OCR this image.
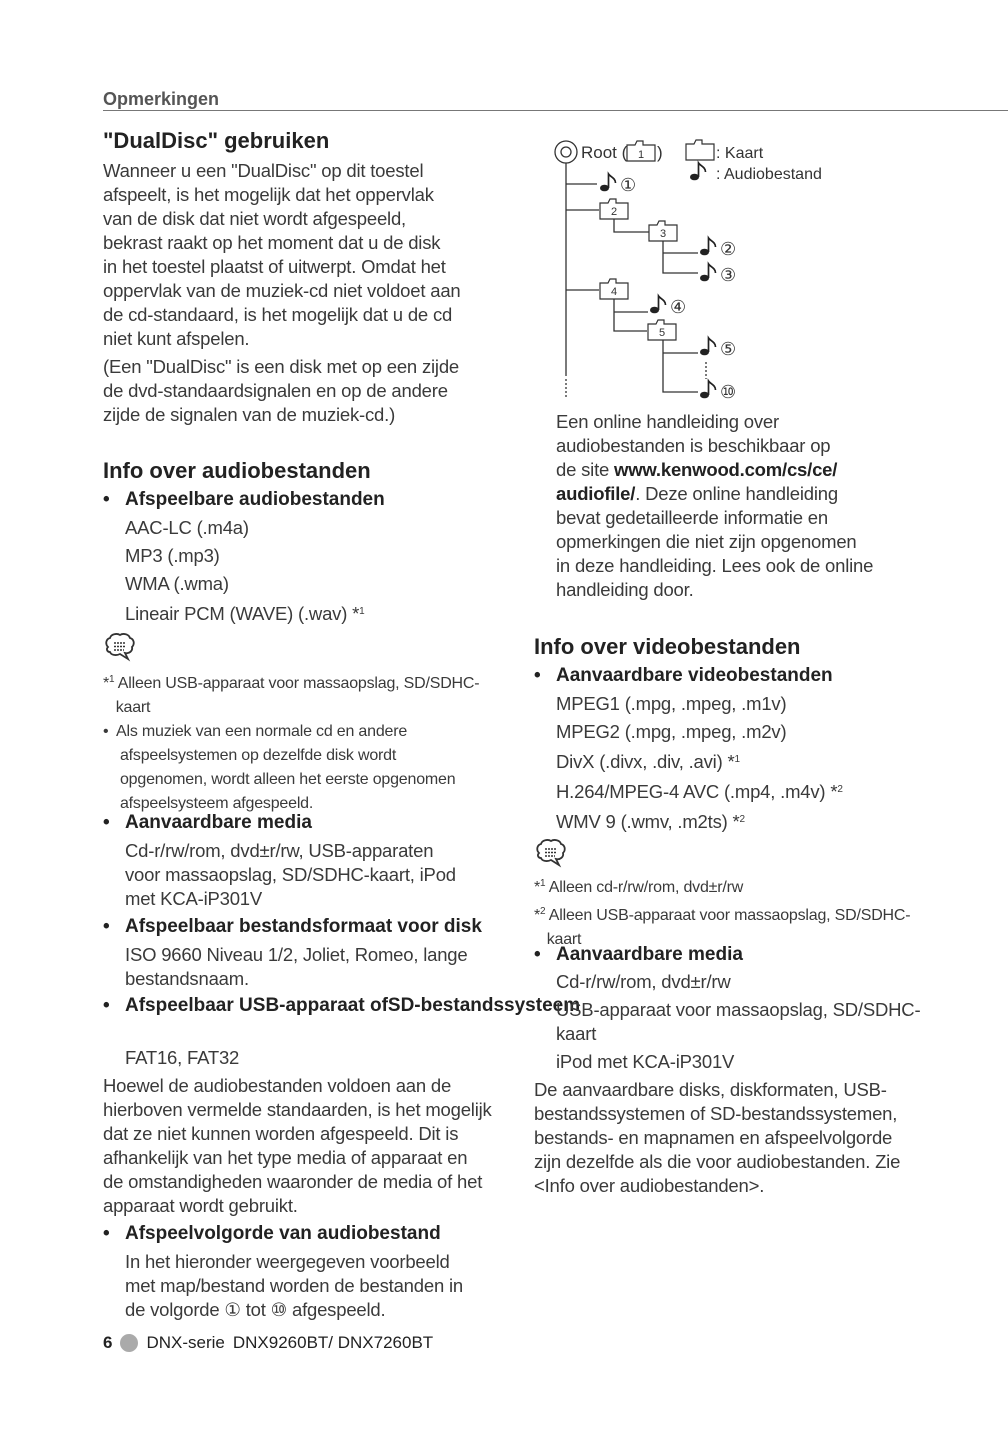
Opmerkingen
"DualDisc" gebruiken
Wanneer u een "DualDisc" op dit toestel
afspeelt, is het mogelijk dat het oppervlak
van de disk dat niet wordt afgespeeld,
bekrast raakt op het moment dat u de disk
in het toestel plaatst of uitwerpt. Omdat het
oppervlak van de muziek-cd niet voldoet aan
de cd-standaard, is het mogelijk dat u de cd
niet kunt afspelen.
(Een "DualDisc" is een disk met op een zijde
de dvd-standaardsignalen en op de andere
zijde de signalen van de muziek-cd.)
Info over audiobestanden
• Afspeelbare audiobestanden
AAC-LC (.m4a)
MP3 (.mp3)
WMA (.wma)
Lineair PCM (WAVE) (.wav) *$^1$
*$^1$ Alleen USB-apparaat voor massaopslag, SD/SDHC-
kaart
•  Als muziek van een normale cd en andere
afspeelsystemen op dezelfde disk wordt
opgenomen, wordt alleen het eerste opgenomen
afspeelsysteem afgespeeld.
• Aanvaardbare media
Cd-r/rw/rom, dvd±r/rw, USB-apparaten
voor massaopslag, SD/SDHC-kaart, iPod
met KCA-iP301V
• Afspeelbaar bestandsformaat voor disk
ISO 9660 Niveau 1/2, Joliet, Romeo, lange
bestandsnaam.
• Afspeelbaar USB-apparaat ofSD-bestandssysteem
FAT16, FAT32
Hoewel de audiobestanden voldoen aan de
hierboven vermelde standaarden, is het mogelijk
dat ze niet kunnen worden afgespeeld. Dit is
afhankelijk van het type media of apparaat en
de omstandigheden waaronder de media of het
apparaat wordt gebruikt.
• Afspeelvolgorde van audiobestand
In het hieronder weergegeven voorbeeld
met map/bestand worden de bestanden in
de volgorde ① tot ⑩ afgespeeld.
Root ( 1 )	: Kaart
: Audiobestand
①
2
3
②
③
4
④
5
⑤
⑩
Een online handleiding over
audiobestanden is beschikbaar op
de site www.kenwood.com/cs/ce/
audiofile/. Deze online handleiding
bevat gedetailleerde informatie en
opmerkingen die niet zijn opgenomen
in deze handleiding. Lees ook de online
handleiding door.
Info over videobestanden
• Aanvaardbare videobestanden
MPEG1 (.mpg, .mpeg, .m1v)
MPEG2 (.mpg, .mpeg, .m2v)
DivX (.divx, .div, .avi) *$^1$
H.264/MPEG-4 AVC (.mp4, .m4v) *$^2$
WMV 9 (.wmv, .m2ts) *$^2$
*$^1$ Alleen cd-r/rw/rom, dvd±r/rw
*$^2$ Alleen USB-apparaat voor massaopslag, SD/SDHC-
kaart
• Aanvaardbare media
Cd-r/rw/rom, dvd±r/rw
USB-apparaat voor massaopslag, SD/SDHC-
kaart
iPod met KCA-iP301V
De aanvaardbare disks, diskformaten, USB-
bestandssystemen of SD-bestandssystemen,
bestands- en mapnamen en afspeelvolgorde
zijn dezelfde als die voor audiobestanden. Zie
<Info over audiobestanden>.
6 DNX-serie DNX9260BT/ DNX7260BT
